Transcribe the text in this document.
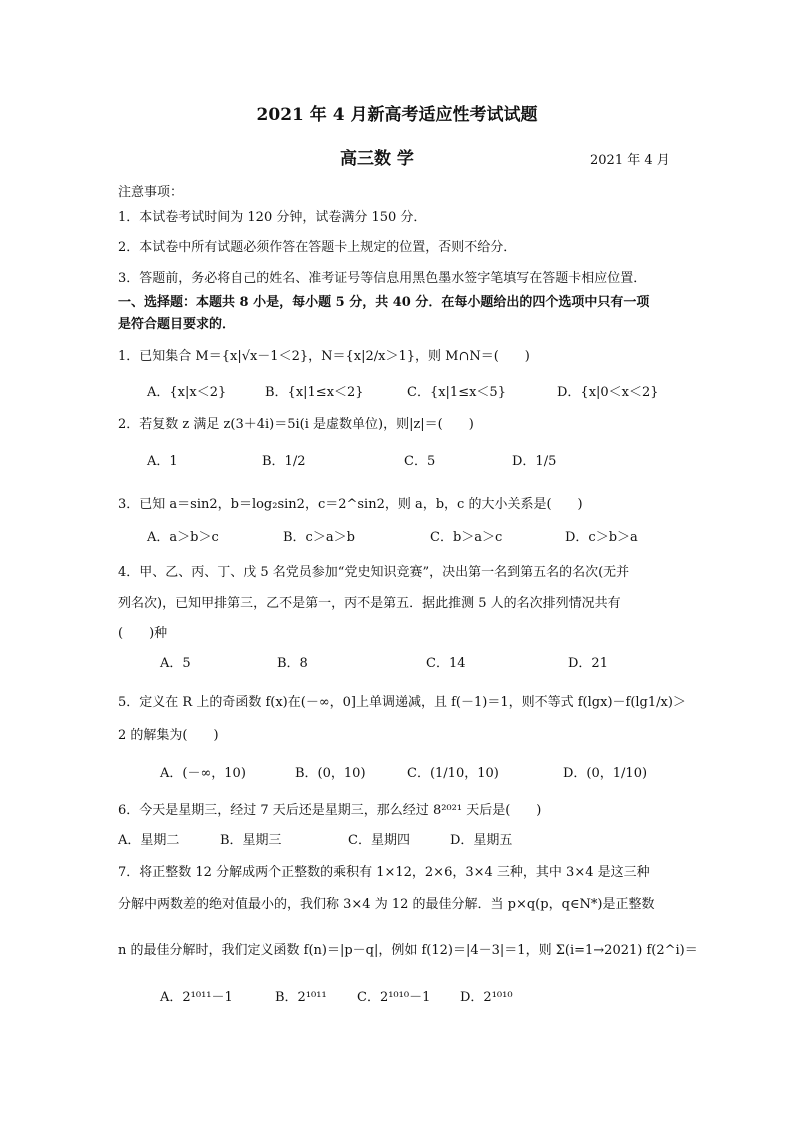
2021 年 4 月新高考适应性考试试题
高三数 学	2021 年 4 月
注意事项：
1．本试卷考试时间为 120 分钟，试卷满分 150 分．
2．本试卷中所有试题必须作答在答题卡上规定的位置，否则不给分．
3．答题前，务必将自己的姓名、准考证号等信息用黑色墨水签字笔填写在答题卡相应位置．
一、选择题：本题共 8 小是，每小题 5 分，共 40 分．在每小题给出的四个选项中只有一项
是符合题目要求的．
1．已知集合 M＝{x|√x－1＜2}，N＝{x|2/x＞1}，则 M∩N＝(　　)
A．{x|x＜2}	B．{x|1≤x＜2}	C．{x|1≤x＜5}	D．{x|0＜x＜2}
2．若复数 z 满足 z(3＋4i)＝5i(i 是虚数单位)，则|z|＝(　　)
A．1	B．1/2	C．5	D．1/5
3．已知 a＝sin2，b＝log₂sin2，c＝2^sin2，则 a，b，c 的大小关系是(　　)
A．a＞b＞c	B．c＞a＞b	C．b＞a＞c	D．c＞b＞a
4．甲、乙、丙、丁、戊 5 名党员参加“党史知识竞赛”，决出第一名到第五名的名次(无并
列名次)，已知甲排第三，乙不是第一，丙不是第五．据此推测 5 人的名次排列情况共有
(　　)种
A．5	B．8	C．14	D．21
5．定义在 R 上的奇函数 f(x)在(－∞，0]上单调递减，且 f(－1)＝1，则不等式 f(lgx)－f(lg1/x)＞
2 的解集为(　　)
A．(－∞，10)	B．(0，10)	C．(1/10，10)	D．(0，1/10)
6．今天是星期三，经过 7 天后还是星期三，那么经过 8²⁰²¹ 天后是(　　)
A．星期二	B．星期三	C．星期四	D．星期五
7．将正整数 12 分解成两个正整数的乘积有 1×12，2×6，3×4 三种，其中 3×4 是这三种
分解中两数差的绝对值最小的，我们称 3×4 为 12 的最佳分解．当 p×q(p，q∈N*)是正整数
n 的最佳分解时，我们定义函数 f(n)＝|p－q|，例如 f(12)＝|4－3|＝1，则 Σ(i=1→2021) f(2^i)＝
A．2¹⁰¹¹－1	B．2¹⁰¹¹ C．2¹⁰¹⁰－1 D．2¹⁰¹⁰
